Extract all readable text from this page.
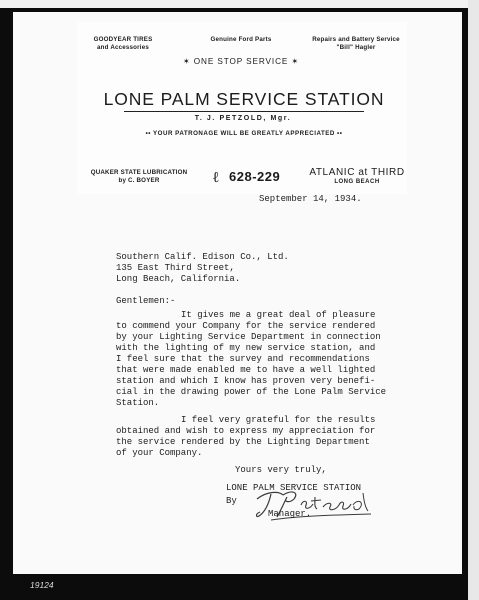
GOODYEAR TIRES
and Accessories
Genuine Ford Parts	Repairs and Battery Service
"Bill" Hagler
✶ ONE STOP SERVICE ✶
LONE PALM SERVICE STATION
T. J. PETZOLD, Mgr.
•• YOUR PATRONAGE WILL BE GREATLY APPRECIATED ••
QUAKER STATE LUBRICATION
by C. BOYER	ℓ 628-229	ATLANIC at THIRD
LONG BEACH
September 14, 1934.
Southern Calif. Edison Co., Ltd.
135 East Third Street,
Long Beach, California.
Gentlemen:-
It gives me a great deal of pleasure
to commend your Company for the service rendered
by your Lighting Service Department in connection
with the lighting of my new service station, and
I feel sure that the survey and recommendations
that were made enabled me to have a well lighted
station and which I know has proven very benefi-
cial in the drawing power of the Lone Palm Service
Station.
I feel very grateful for the results
obtained and wish to express my appreciation for
the service rendered by the Lighting Department
of your Company.
Yours very truly,
LONE PALM SERVICE STATION
By
Manager.
19124
